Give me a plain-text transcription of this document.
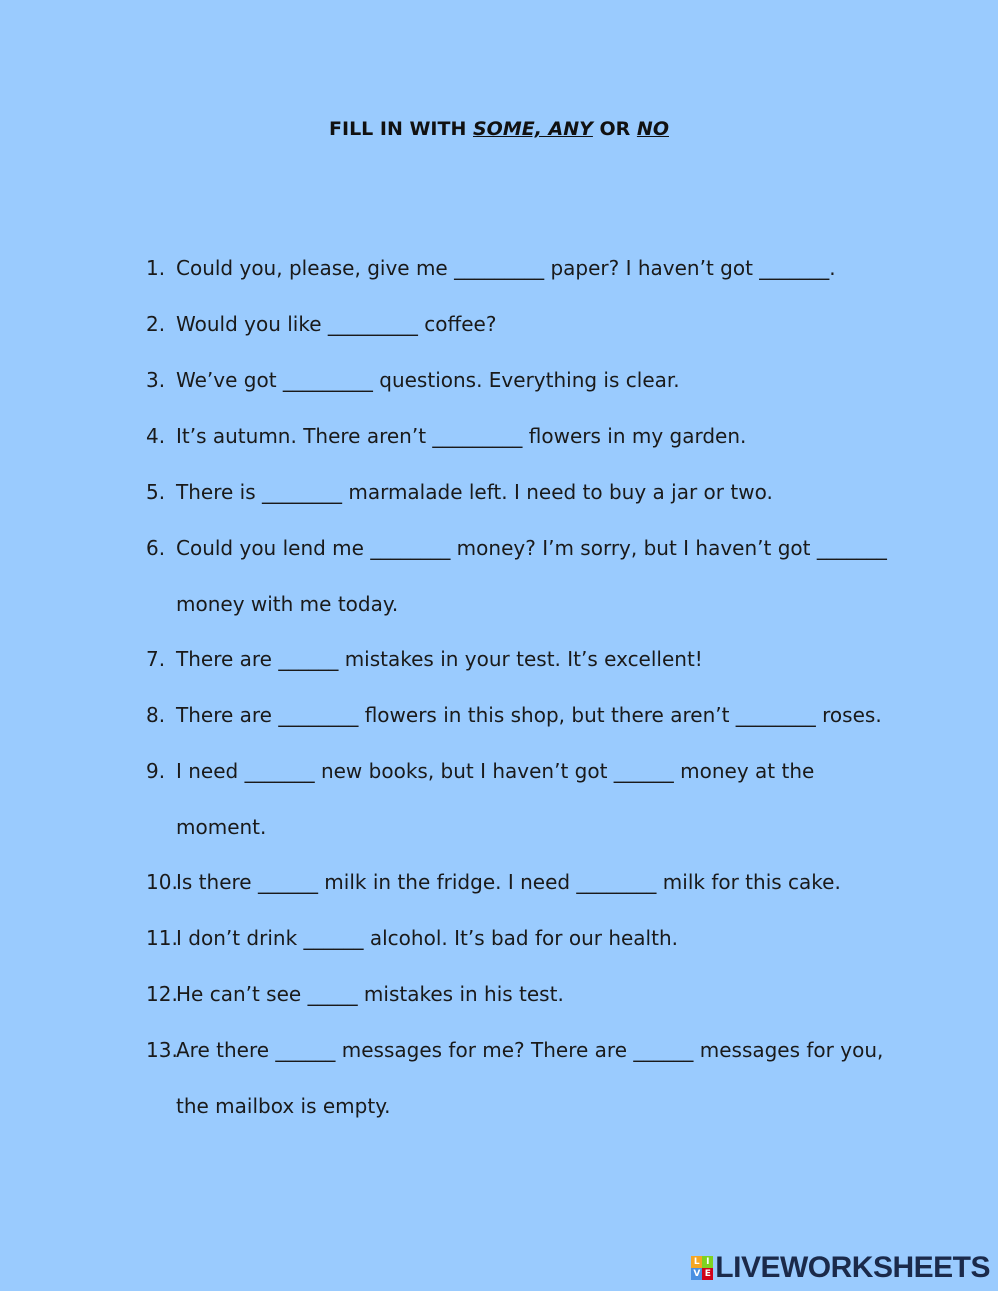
FILL IN WITH SOME, ANY OR NO
1. Could you, please, give me _________ paper? I haven’t got _______.
2. Would you like _________ coffee?
3. We’ve got _________ questions. Everything is clear.
4. It’s autumn. There aren’t _________ flowers in my garden.
5. There is ________ marmalade left. I need to buy a jar or two.
6. Could you lend me ________ money? I’m sorry, but I haven’t got _______
money with me today.
7. There are ______ mistakes in your test. It’s excellent!
8. There are ________ flowers in this shop, but there aren’t ________ roses.
9. I need _______ new books, but I haven’t got ______ money at the
moment.
10.
Is there ______ milk in the fridge. I need ________ milk for this cake.
11.
I don’t drink ______ alcohol. It’s bad for our health.
12.
He can’t see _____ mistakes in his test.
13.
Are there ______ messages for me? There are ______ messages for you,
the mailbox is empty.
L I
V E LIVEWORKSHEETS
